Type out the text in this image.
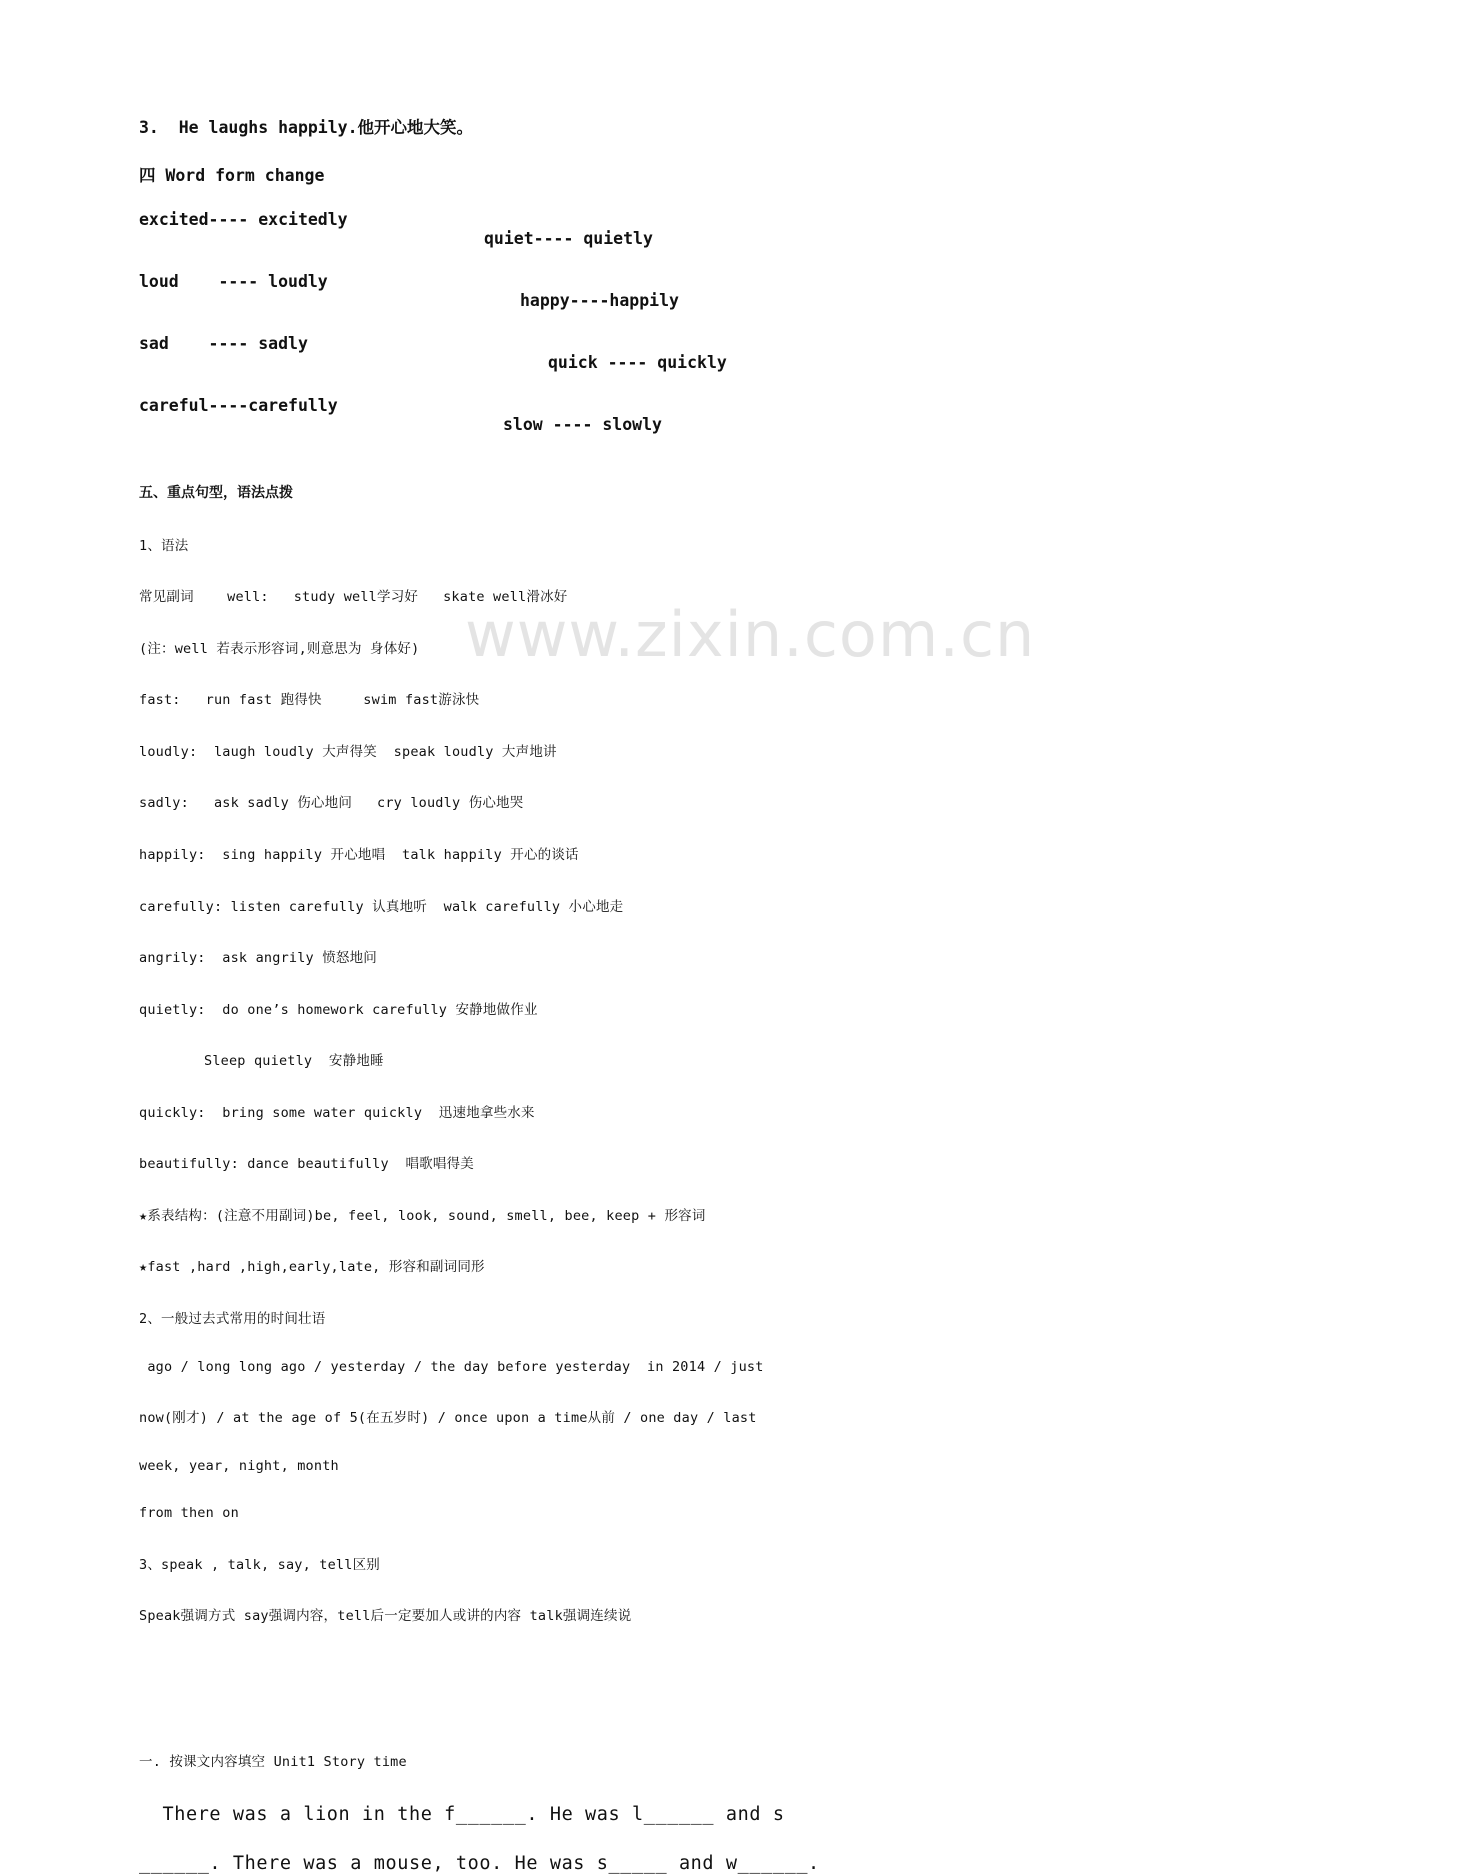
www.zixin.com.cn
3.  He laughs happily.他开心地大笑。
四 Word form change
excited---- excitedly
quiet---- quietly
loud    ---- loudly
happy----happily
sad    ---- sadly
quick ---- quickly
careful----carefully
slow ---- slowly
五、重点句型，语法点拨
1、语法
常见副词    well:   study well学习好   skate well滑冰好
(注：well 若表示形容词,则意思为 身体好)
fast:   run fast 跑得快     swim fast游泳快
loudly:  laugh loudly 大声得笑  speak loudly 大声地讲
sadly:   ask sadly 伤心地问   cry loudly 伤心地哭
happily:  sing happily 开心地唱  talk happily 开心的谈话
carefully: listen carefully 认真地听  walk carefully 小心地走
angrily:  ask angrily 愤怒地问
quietly:  do one’s homework carefully 安静地做作业
Sleep quietly  安静地睡
quickly:  bring some water quickly  迅速地拿些水来
beautifully: dance beautifully  唱歌唱得美
★系表结构：(注意不用副词)be, feel, look, sound, smell, bee, keep + 形容词
★fast ,hard ,high,early,late, 形容和副词同形
2、一般过去式常用的时间壮语
ago / long long ago / yesterday / the day before yesterday  in 2014 / just
now(刚才) / at the age of 5(在五岁时) / once upon a time从前 / one day / last
week, year, night, month
from then on
3、speak , talk, say, tell区别
Speak强调方式 say强调内容，tell后一定要加人或讲的内容 talk强调连续说
一. 按课文内容填空 Unit1 Story time
There was a lion in the f______. He was l______ and s
______. There was a mouse, too. He was s_____ and w______.
